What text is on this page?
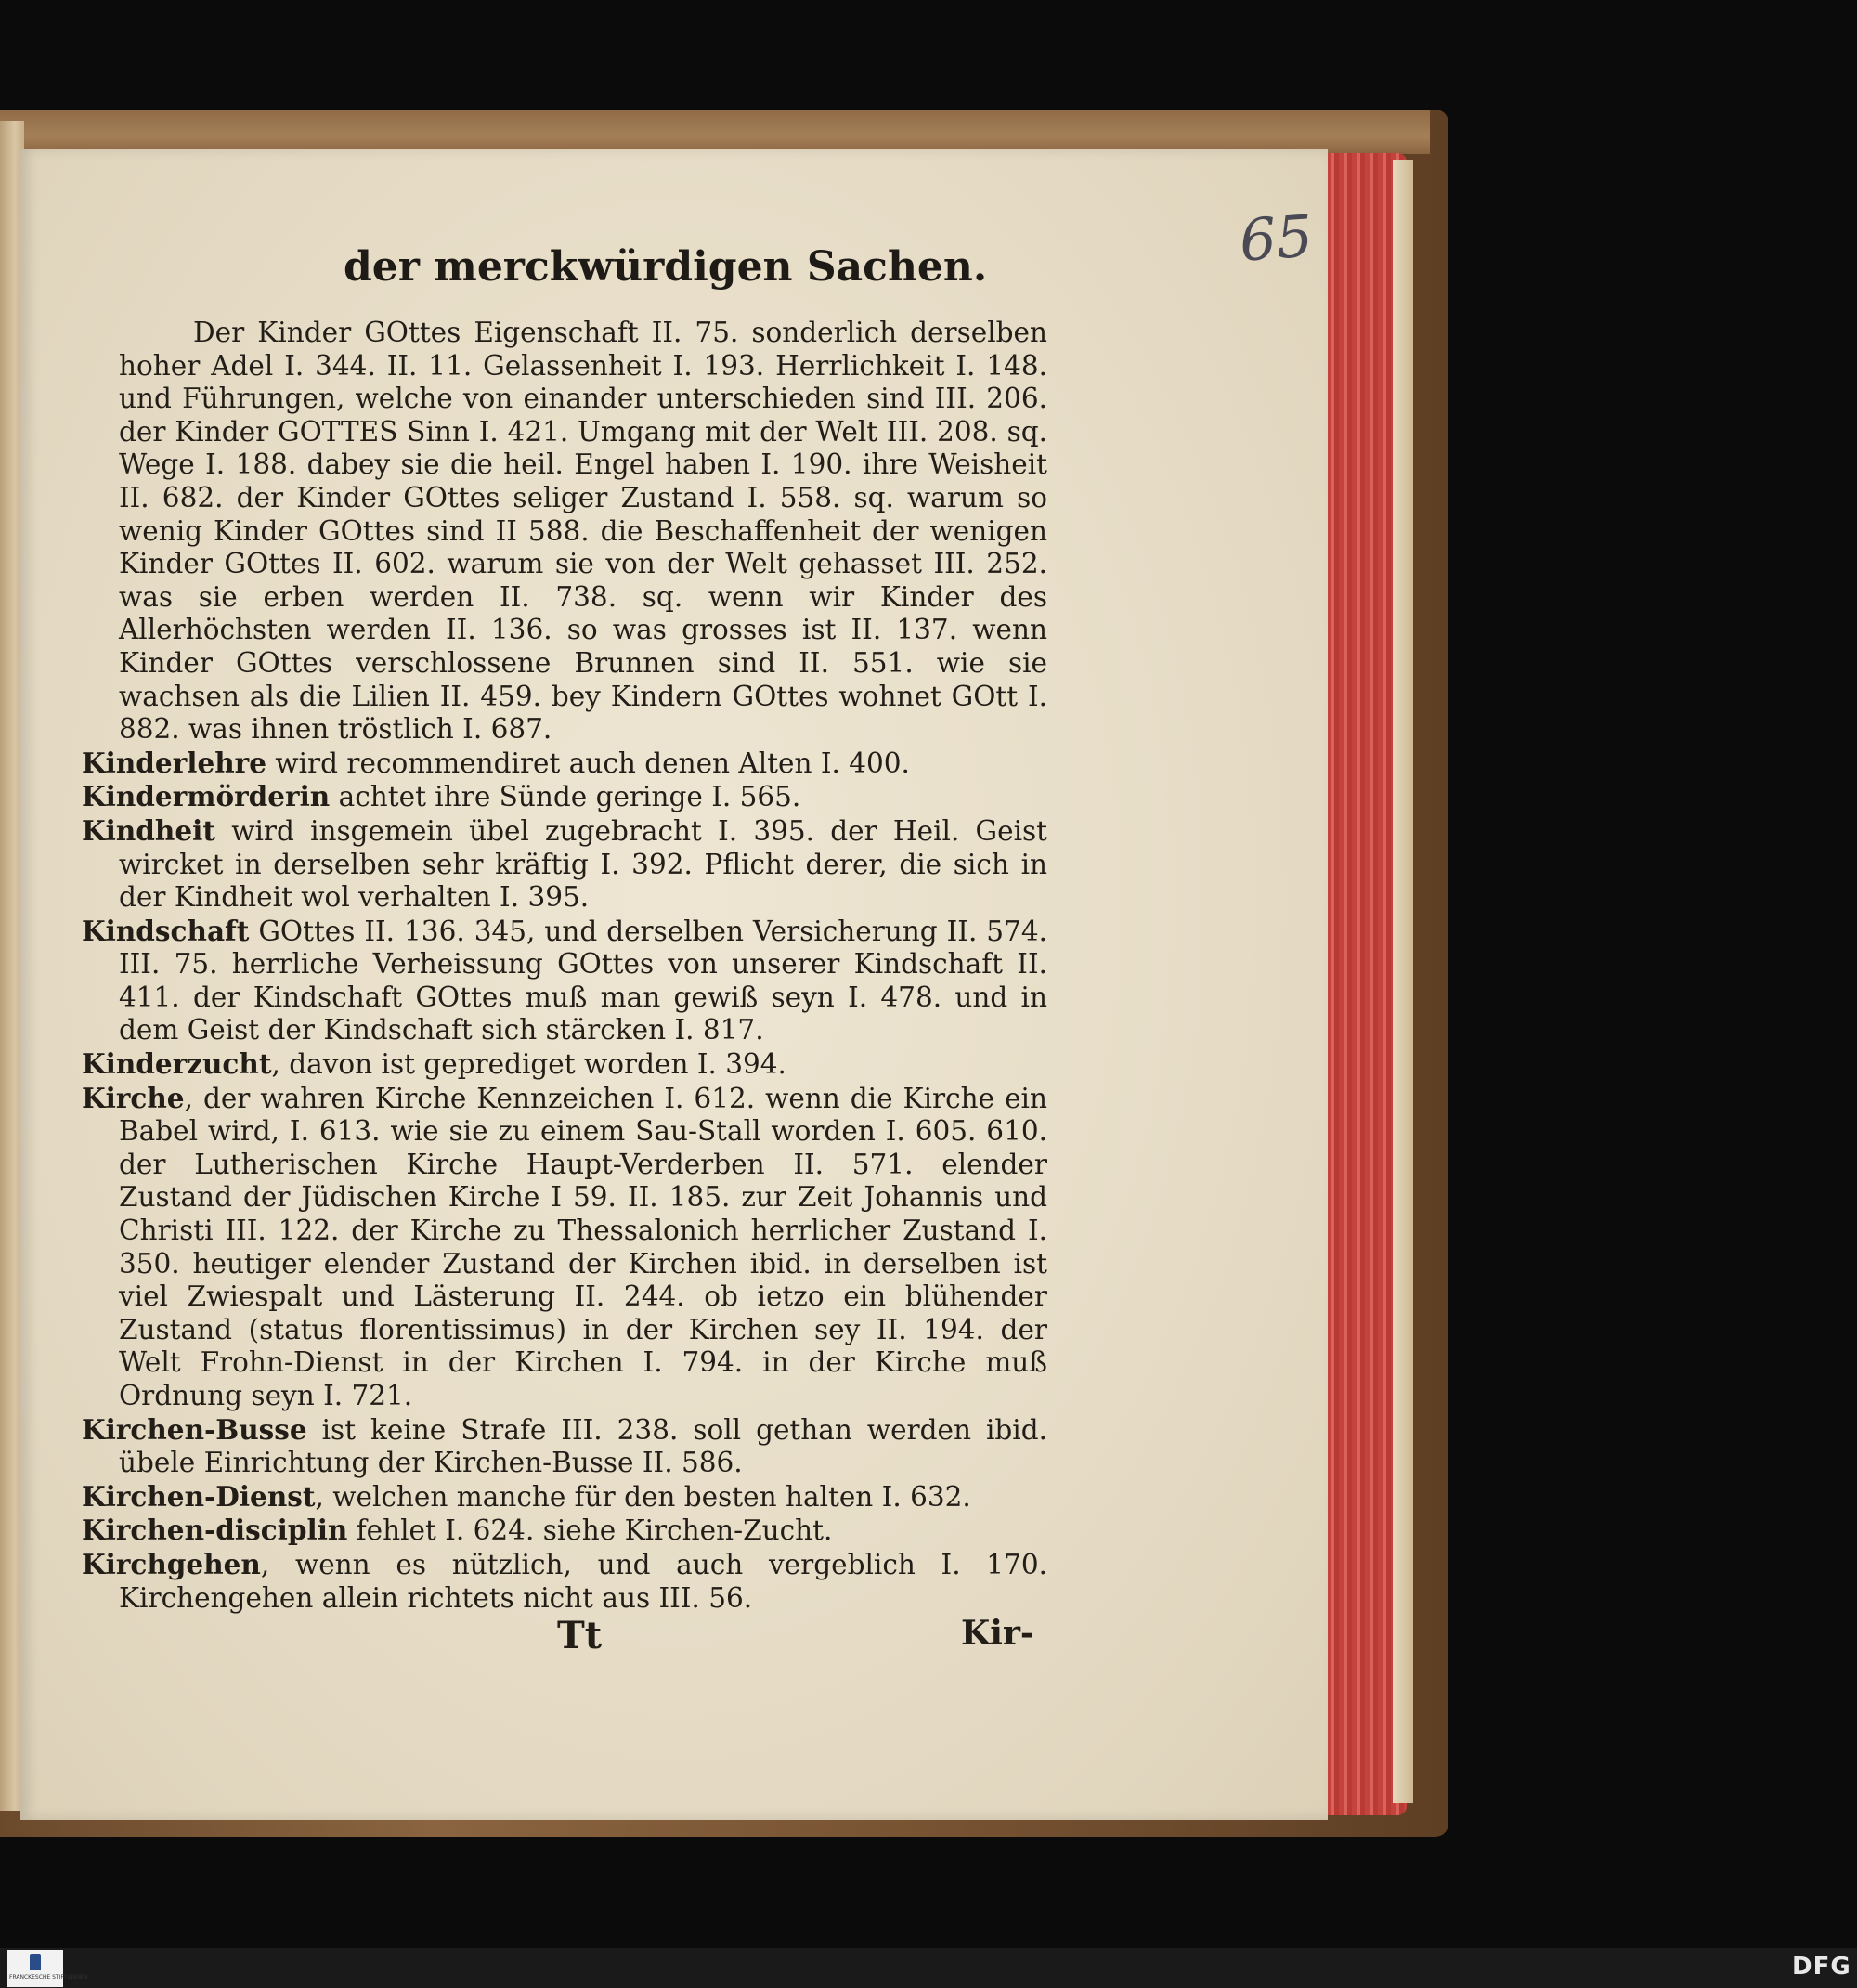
65
der merckwürdigen Sachen.

Der Kinder GOttes Eigenschaft II. 75. sonderlich derselben hoher Adel I. 344. II. 11. Gelassenheit I. 193. Herrlichkeit I. 148. und Führungen, welche von einander unterschieden sind III. 206. der Kinder GOTTES Sinn I. 421. Umgang mit der Welt III. 208. sq. Wege I. 188. dabey sie die heil. Engel haben I. 190. ihre Weisheit II. 682. der Kinder GOttes seliger Zustand I. 558. sq. warum so wenig Kinder GOttes sind II 588. die Beschaffenheit der wenigen Kinder GOttes II. 602. warum sie von der Welt gehasset III. 252. was sie erben werden II. 738. sq. wenn wir Kinder des Allerhöchsten werden II. 136. so was grosses ist II. 137. wenn Kinder GOttes verschlossene Brunnen sind II. 551. wie sie wachsen als die Lilien II. 459. bey Kindern GOttes wohnet GOtt I. 882. was ihnen tröstlich I. 687.

Kinderlehre wird recommendiret auch denen Alten I. 400.

Kindermörderin achtet ihre Sünde geringe I. 565.

Kindheit wird insgemein übel zugebracht I. 395. der Heil. Geist wircket in derselben sehr kräftig I. 392. Pflicht derer, die sich in der Kindheit wol verhalten I. 395.

Kindschaft GOttes II. 136. 345, und derselben Versicherung II. 574. III. 75. herrliche Verheissung GOttes von unserer Kindschaft II. 411. der Kindschaft GOttes muß man gewiß seyn I. 478. und in dem Geist der Kindschaft sich stärcken I. 817.

Kinderzucht, davon ist geprediget worden I. 394.

Kirche, der wahren Kirche Kennzeichen I. 612. wenn die Kirche ein Babel wird, I. 613. wie sie zu einem Sau-Stall worden I. 605. 610. der Lutherischen Kirche Haupt-Verderben II. 571. elender Zustand der Jüdischen Kirche I 59. II. 185. zur Zeit Johannis und Christi III. 122. der Kirche zu Thessalonich herrlicher Zustand I. 350. heutiger elender Zustand der Kirchen ibid. in derselben ist viel Zwiespalt und Lästerung II. 244. ob ietzo ein blühender Zustand (status florentissimus) in der Kirchen sey II. 194. der Welt Frohn-Dienst in der Kirchen I. 794. in der Kirche muß Ordnung seyn I. 721.

Kirchen-Busse ist keine Strafe III. 238. soll gethan werden ibid. übele Einrichtung der Kirchen-Busse II. 586.

Kirchen-Dienst, welchen manche für den besten halten I. 632.

Kirchen-disciplin fehlet I. 624. siehe Kirchen-Zucht.

Kirchgehen, wenn es nützlich, und auch vergeblich I. 170. Kirchengehen allein richtets nicht aus III. 56.

Tt	Kir-
FRANCKESCHE STIFTUNGEN	DFG
